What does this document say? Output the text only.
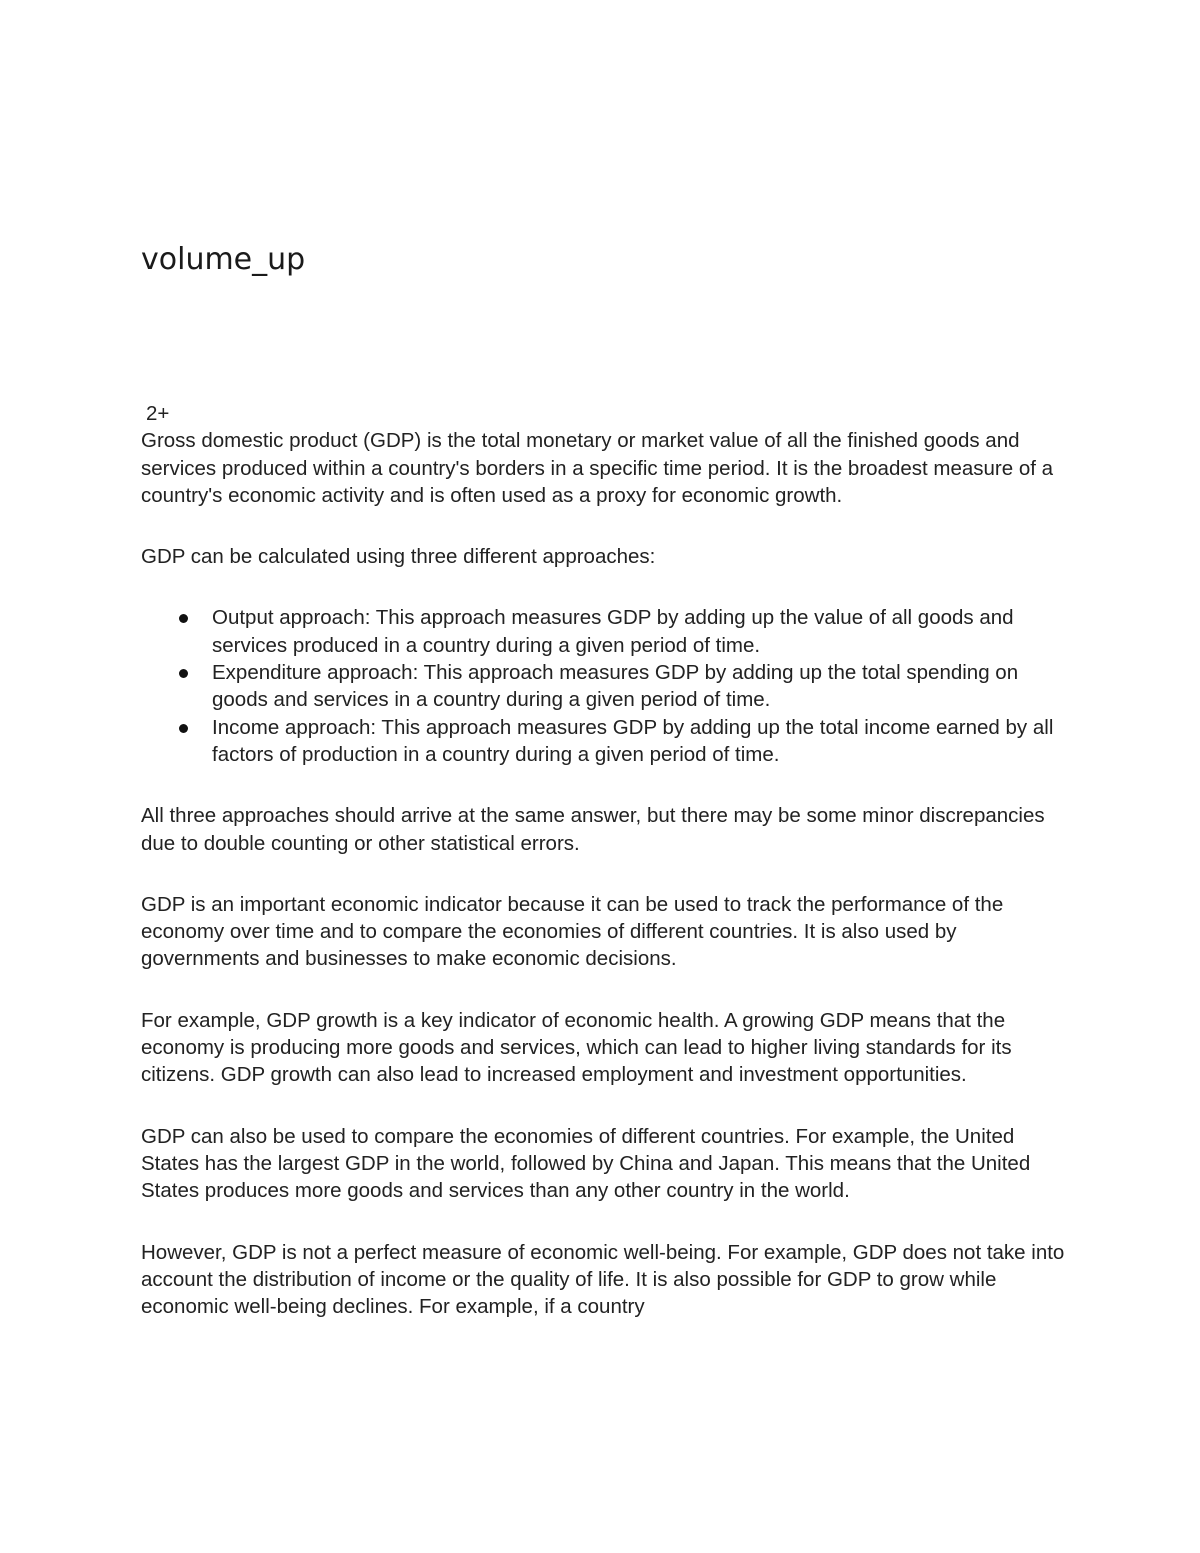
volume_up
2+

Gross domestic product (GDP) is the total monetary or market value of all the finished goods and services produced within a country's borders in a specific time period. It is the broadest measure of a country's economic activity and is often used as a proxy for economic growth.

GDP can be calculated using three different approaches:

Output approach: This approach measures GDP by adding up the value of all goods and services produced in a country during a given period of time.
Expenditure approach: This approach measures GDP by adding up the total spending on goods and services in a country during a given period of time.
Income approach: This approach measures GDP by adding up the total income earned by all factors of production in a country during a given period of time.

All three approaches should arrive at the same answer, but there may be some minor discrepancies due to double counting or other statistical errors.

GDP is an important economic indicator because it can be used to track the performance of the economy over time and to compare the economies of different countries. It is also used by governments and businesses to make economic decisions.

For example, GDP growth is a key indicator of economic health. A growing GDP means that the economy is producing more goods and services, which can lead to higher living standards for its citizens. GDP growth can also lead to increased employment and investment opportunities.

GDP can also be used to compare the economies of different countries. For example, the United States has the largest GDP in the world, followed by China and Japan. This means that the United States produces more goods and services than any other country in the world.

However, GDP is not a perfect measure of economic well-being. For example, GDP does not take into account the distribution of income or the quality of life. It is also possible for GDP to grow while economic well-being declines. For example, if a country
